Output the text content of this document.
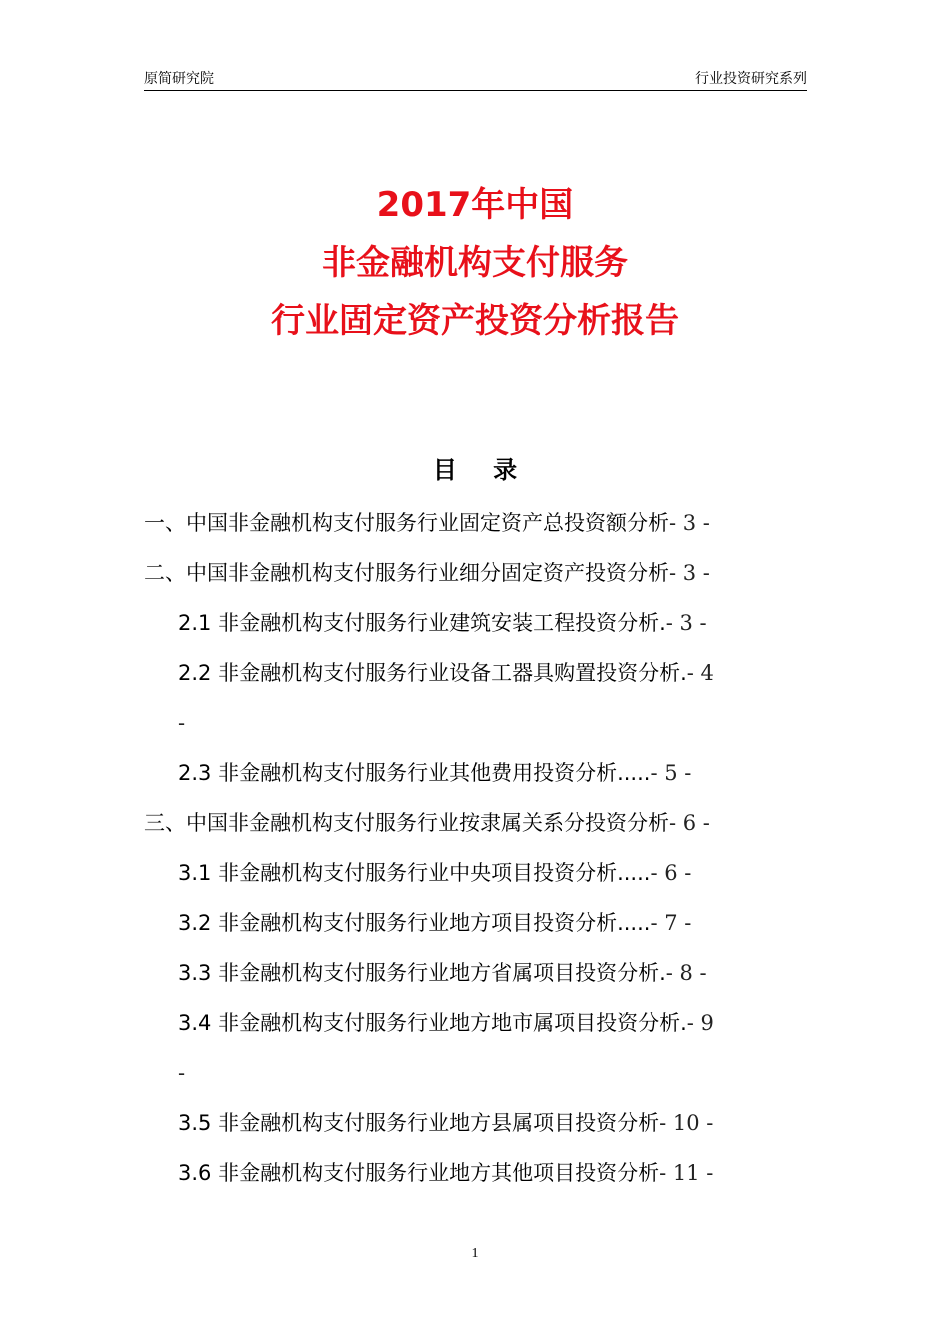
原简研究院	行业投资研究系列
2017年中国
非金融机构支付服务
行业固定资产投资分析报告
目 录
一、中国非金融机构支付服务行业固定资产总投资额分析- 3 -
二、中国非金融机构支付服务行业细分固定资产投资分析- 3 -
2.1 非金融机构支付服务行业建筑安装工程投资分析.- 3 -
2.2 非金融机构支付服务行业设备工器具购置投资分析.- 4
-
2.3 非金融机构支付服务行业其他费用投资分析.....- 5 -
三、中国非金融机构支付服务行业按隶属关系分投资分析- 6 -
3.1 非金融机构支付服务行业中央项目投资分析.....- 6 -
3.2 非金融机构支付服务行业地方项目投资分析.....- 7 -
3.3 非金融机构支付服务行业地方省属项目投资分析.- 8 -
3.4 非金融机构支付服务行业地方地市属项目投资分析.- 9
-
3.5 非金融机构支付服务行业地方县属项目投资分析- 10 -
3.6 非金融机构支付服务行业地方其他项目投资分析- 11 -
1
